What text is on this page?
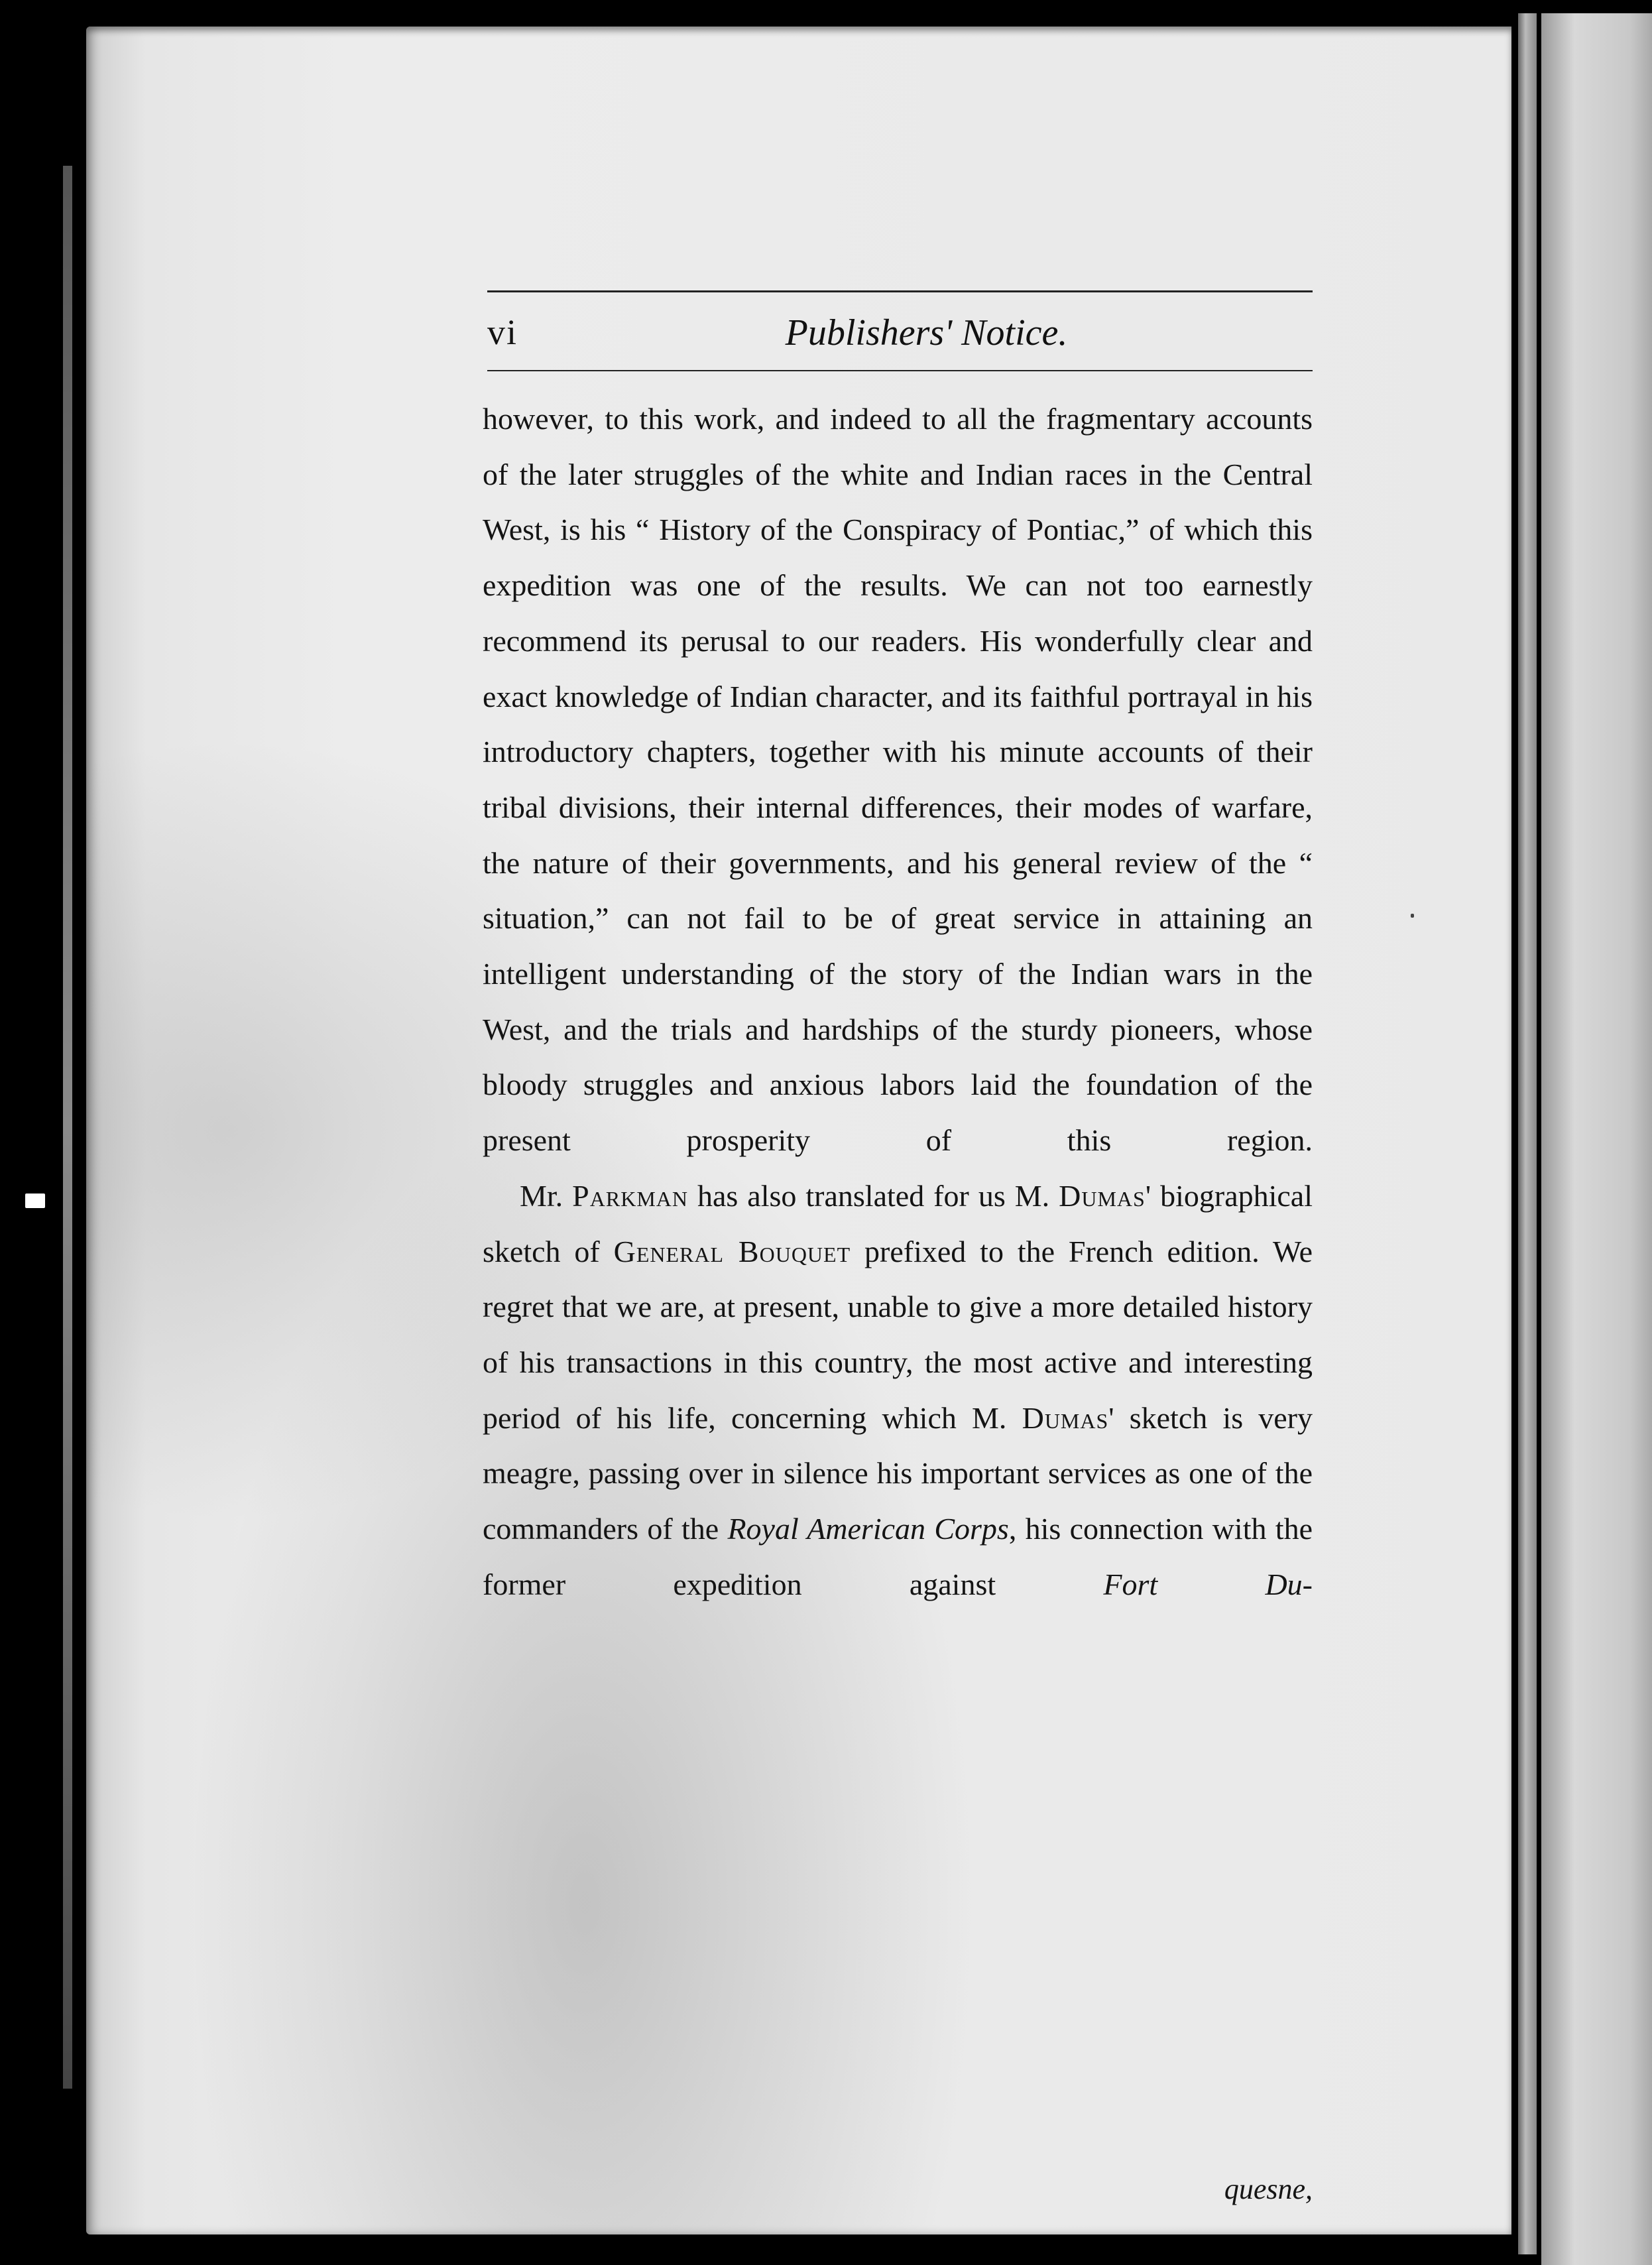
vi	Publishers' Notice.

however, to this work, and indeed to all the fragmentary accounts of the later struggles of the white and Indian races in the Central West, is his “ History of the Conspiracy of Pontiac,” of which this expedition was one of the results. We can not too earnestly recommend its perusal to our readers. His wonderfully clear and exact knowledge of Indian character, and its faithful portrayal in his introductory chapters, together with his minute accounts of their tribal divisions, their internal differences, their modes of warfare, the nature of their governments, and his general review of the “ situation,” can not fail to be of great service in attaining an intelligent understanding of the story of the Indian wars in the West, and the trials and hardships of the sturdy pioneers, whose bloody struggles and anxious labors laid the foundation of the present prosperity of this region.

Mr. Parkman has also translated for us M. Dumas' biographical sketch of General Bouquet prefixed to the French edition. We regret that we are, at present, unable to give a more detailed history of his transactions in this country, the most active and interesting period of his life, concerning which M. Dumas' sketch is very meagre, passing over in silence his important services as one of the commanders of the Royal American Corps, his connection with the former expedition against Fort Du-

quesne,
